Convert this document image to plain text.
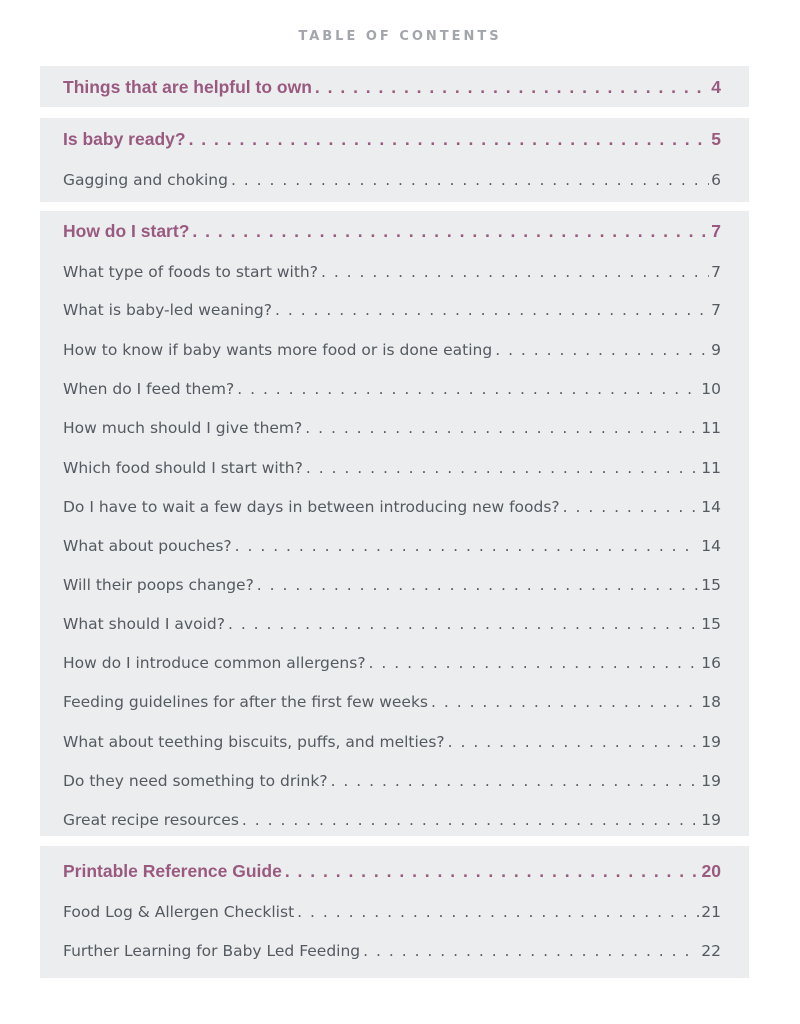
TABLE OF CONTENTS
Things that are helpful to own . . .	4
Is baby ready? . . .	5
Gagging and choking . . .	6
How do I start? . . .	7
What type of foods to start with? . . .	7
What is baby-led weaning? . . .	7
How to know if baby wants more food or is done eating . . .	9
When do I feed them? . . .	10
How much should I give them? . . .	11
Which food should I start with? . . .	11
Do I have to wait a few days in between introducing new foods? . . .	14
What about pouches? . . .	14
Will their poops change? . . .	15
What should I avoid? . . .	15
How do I introduce common allergens? . . .	16
Feeding guidelines for after the first few weeks . . .	18
What about teething biscuits, puffs, and melties? . . .	19
Do they need something to drink? . . .	19
Great recipe resources . . .	19
Printable Reference Guide . . .	20
Food Log & Allergen Checklist . . .	21
Further Learning for Baby Led Feeding . . .	22
